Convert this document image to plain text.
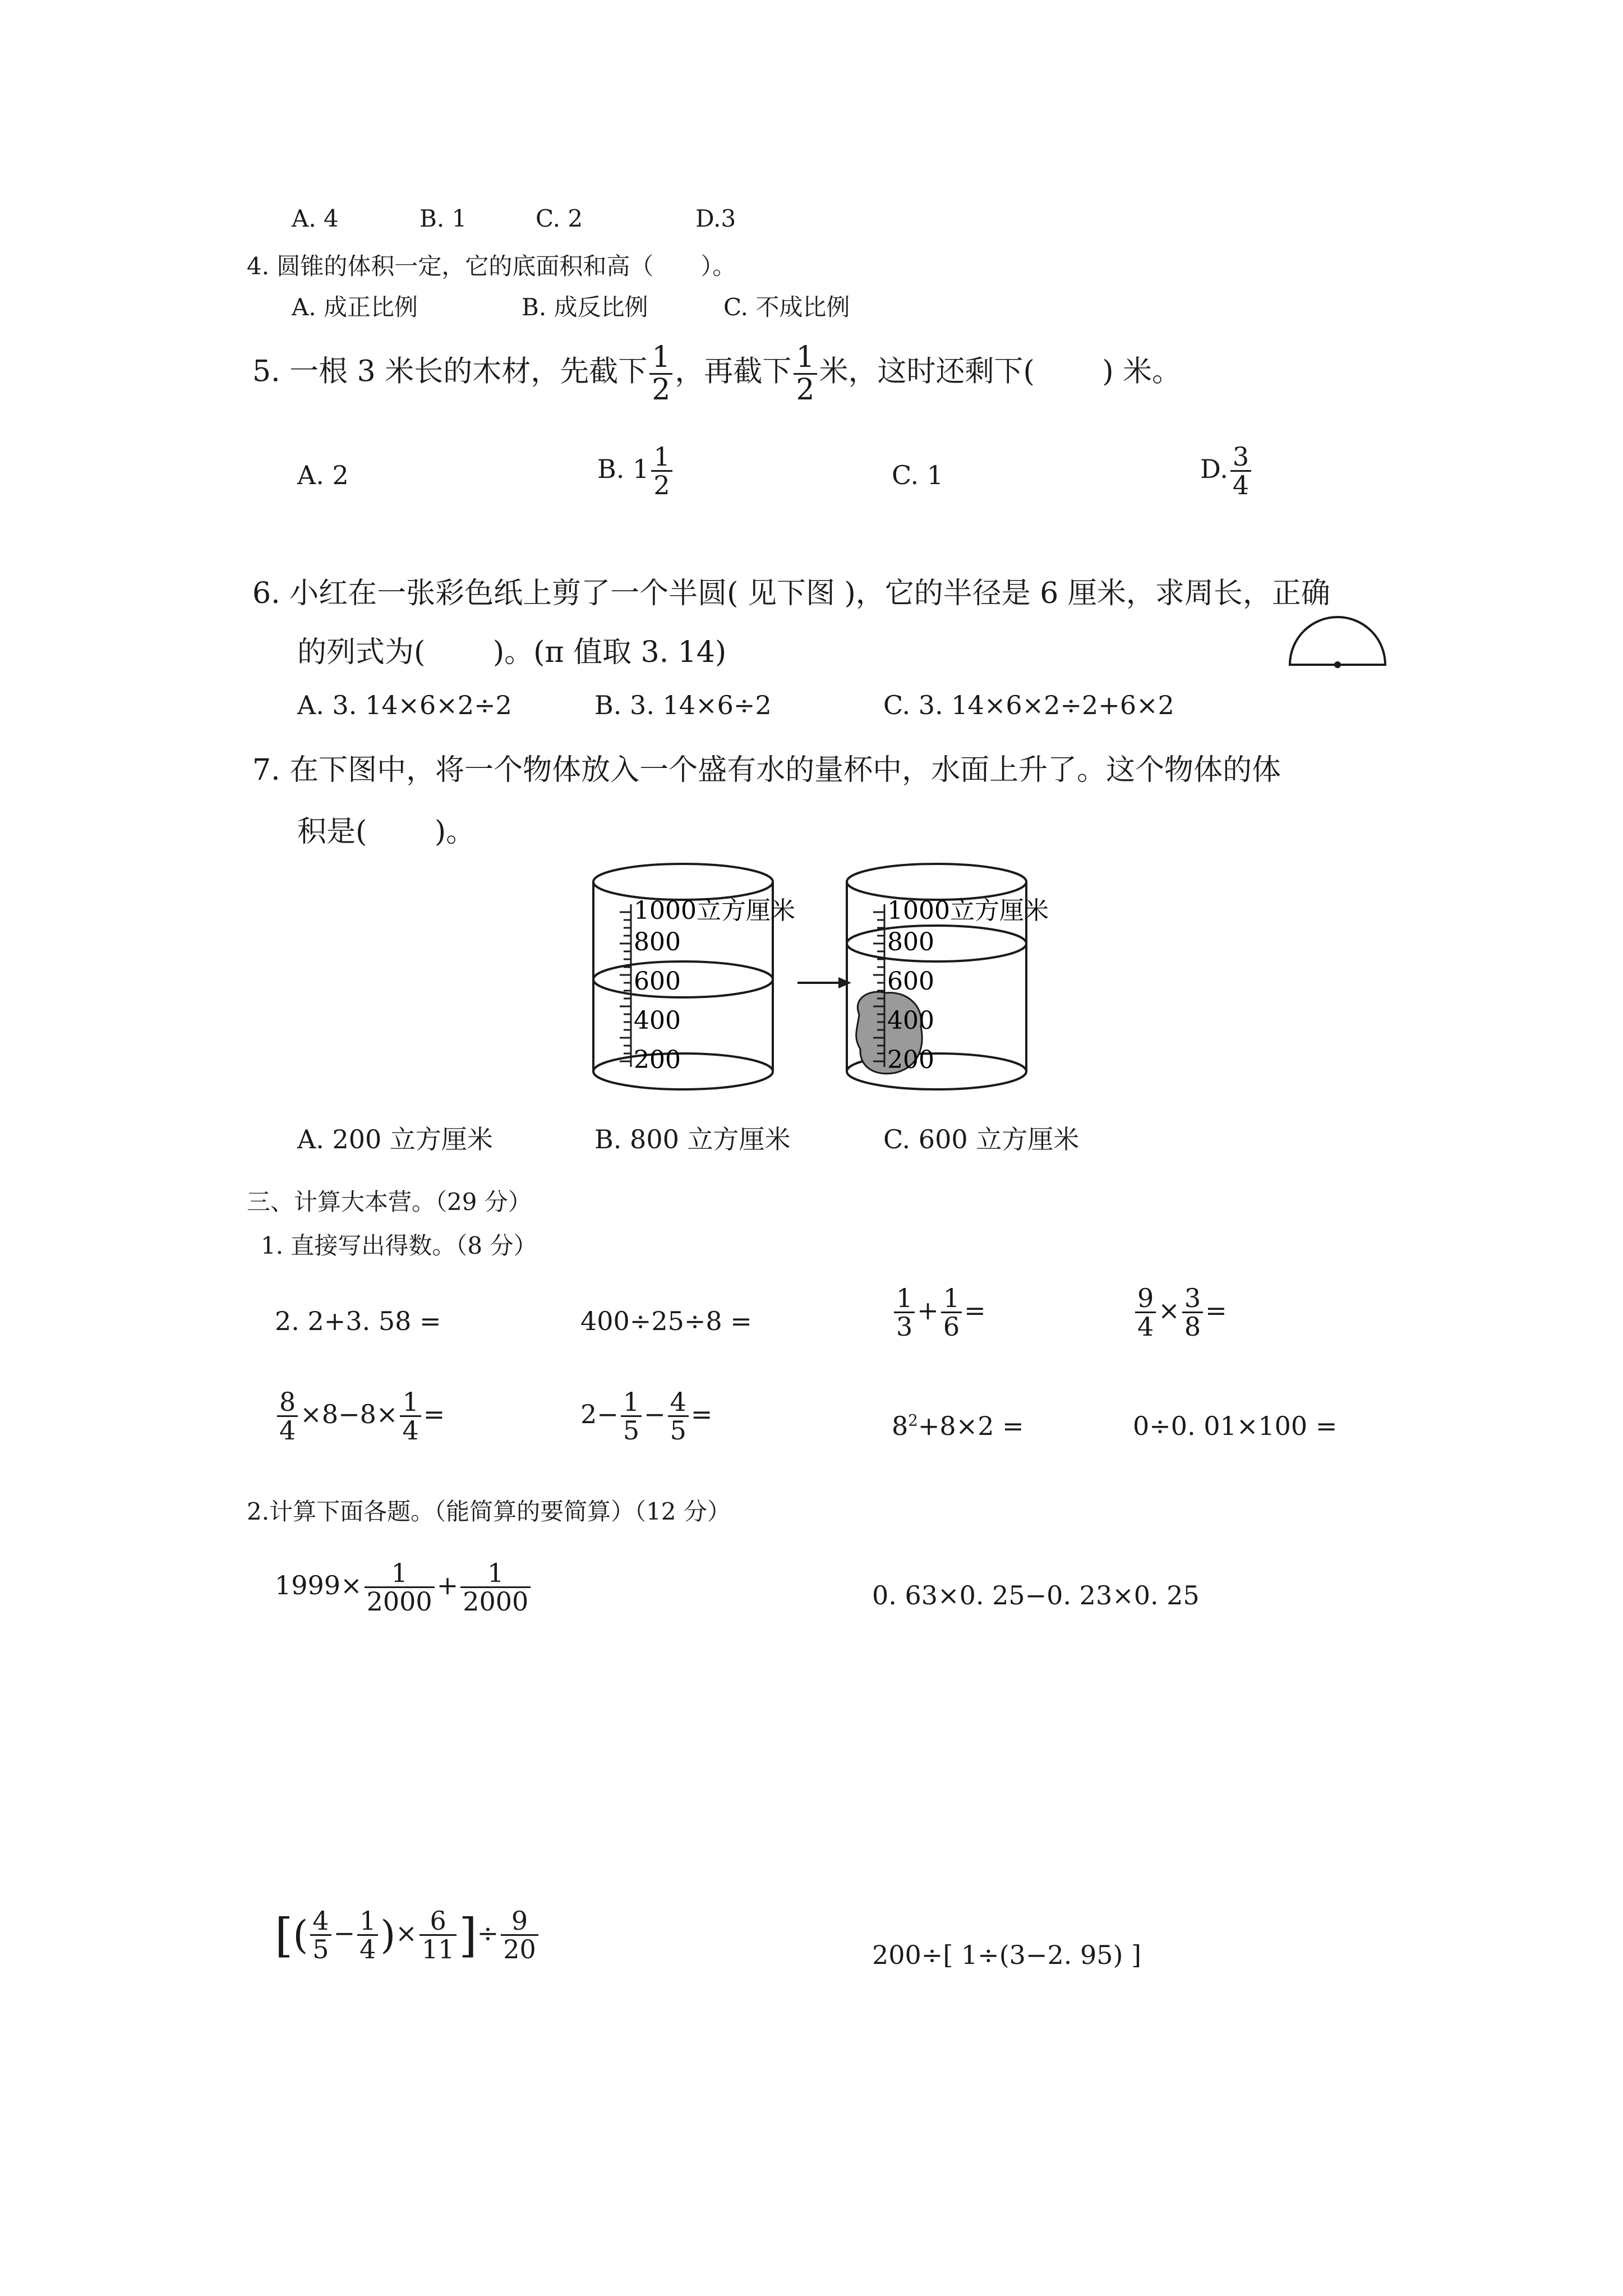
A. 4	B. 1	C. 2	D.3
4. 圆锥的体积一定，它的底面积和高（　　）。
A. 成正比例	B. 成反比例	C. 不成比例
5. 一根 3 米长的木材，先截下 $\frac{1}{2}$ ，再截下 $\frac{1}{2}$ 米，这时还剩下(　　 ) 米。
A. 2	B. $1 \frac{1}{2}$	C. 1	D. $\frac{3}{4}$
6. 小红在一张彩色纸上剪了一个半圆( 见下图 )，它的半径是 6 厘米，求周长，正确
的列式为(　　 )。(π 值取 3. 14)
A. 3. 14×6×2÷2	B. 3. 14×6÷2	C. 3. 14×6×2÷2+6×2
7. 在下图中，将一个物体放入一个盛有水的量杯中，水面上升了。这个物体的体
积是(　　 )。
1000立方厘米
800
600
400
200
1000立方厘米
800
600
400
200
A. 200 立方厘米	B. 800 立方厘米	C. 600 立方厘米
三、计算大本营。（29 分）
1. 直接写出得数。（8 分）
2. 2+3. 58 =	400÷25÷8 =	$\frac{1}{3} + \frac{1}{6}$ =	$\frac{9}{4} \times \frac{3}{8}$ =
$\frac{8}{4} \times 8-8\times \frac{1}{4}$ =	$2- \frac{1}{5} - \frac{4}{5}$ =	$8^2+8\times 2$ =	0÷0. 01×100 =
2.计算下面各题。（能简算的要简算）（12 分）
$1999\times \frac{1}{2000} + \frac{1}{2000}$	0. 63×0. 25−0. 23×0. 25
[( $\frac{4}{5} - \frac{1}{4}$ )× $\frac{6}{11}$ ]÷ $\frac{9}{20}$	200÷[ 1÷(3−2. 95) ]
